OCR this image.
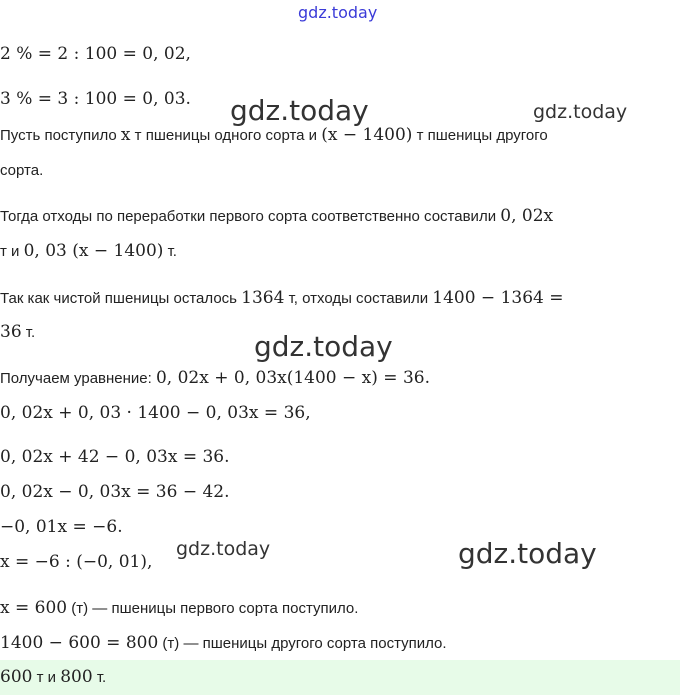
gdz.today
gdz.today	gdz.today
gdz.today
gdz.today	gdz.today
2 % = 2 : 100 = 0, 02,
3 % = 3 : 100 = 0, 03.
Пусть поступило x т пшеницы одного сорта и (x − 1400) т пшеницы другого
сорта.
Тогда отходы по переработки первого сорта соответственно составили 0, 02x
т и 0, 03 (x − 1400) т.
Так как чистой пшеницы осталось 1364 т, отходы составили 1400 − 1364 =
36 т.
Получаем уравнение: 0, 02x + 0, 03x(1400 − x) = 36.
0, 02x + 0, 03 · 1400 − 0, 03x = 36,
0, 02x + 42 − 0, 03x = 36.
0, 02x − 0, 03x = 36 − 42.
−0, 01x = −6.
x = −6 : (−0, 01),
x = 600 (т) — пшеницы первого сорта поступило.
1400 − 600 = 800 (т) — пшеницы другого сорта поступило.
600 т и 800 т.
